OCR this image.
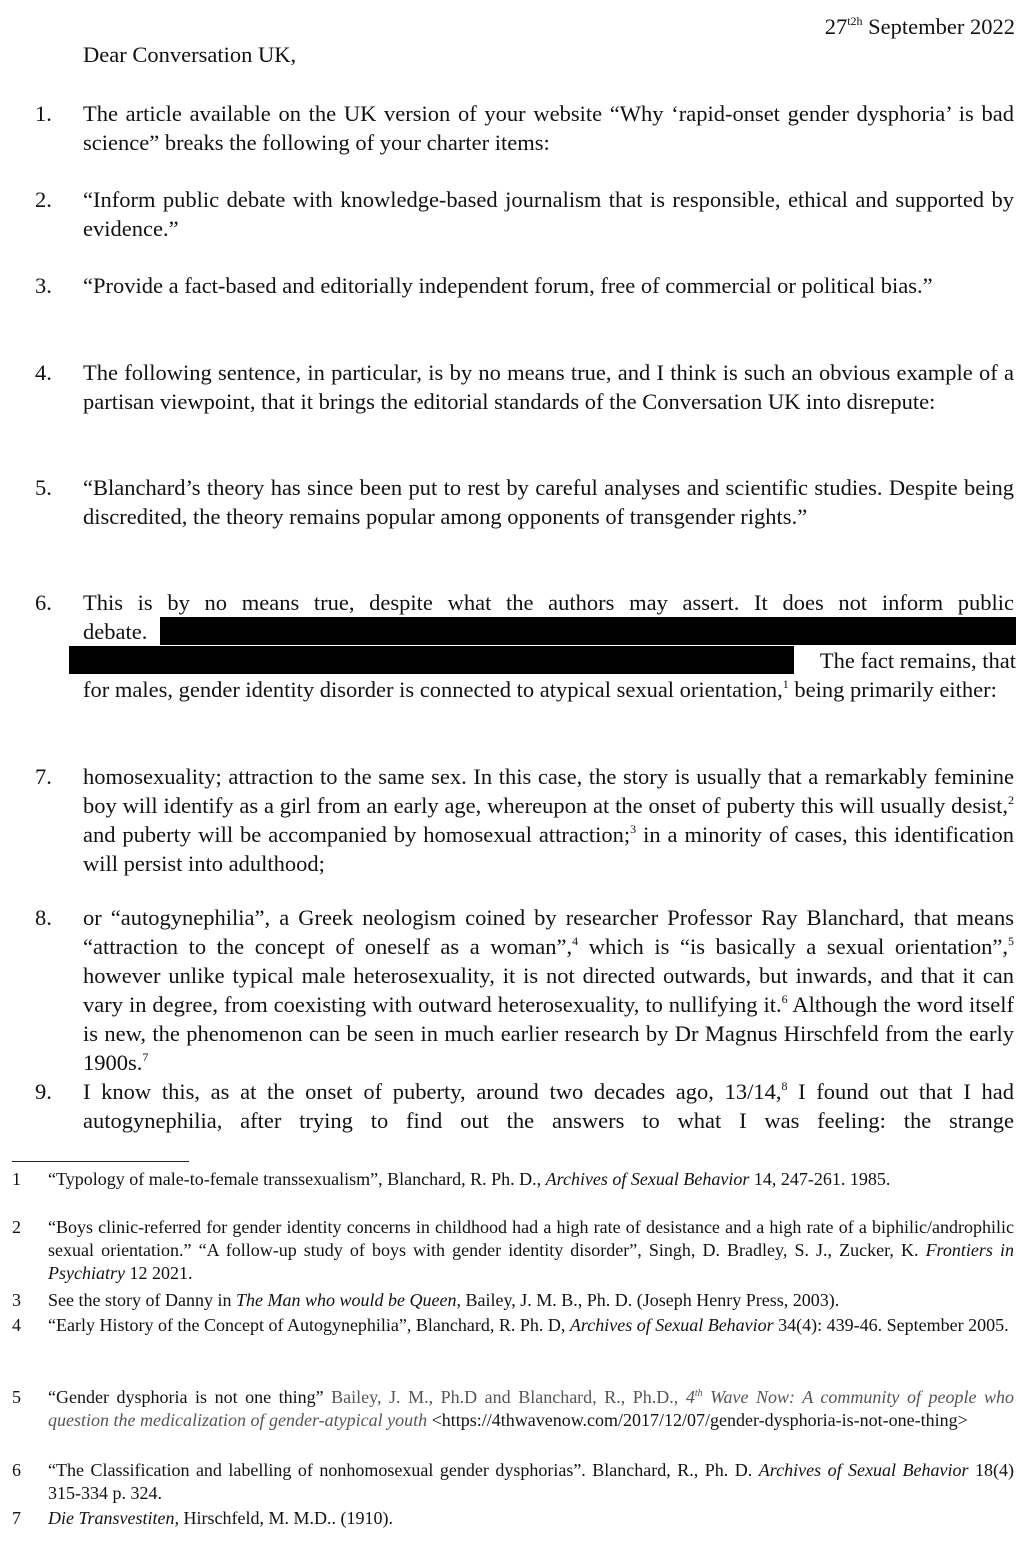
$27^{t2h}$ September 2022
Dear Conversation UK,
1.	The article available on the UK version of your website “Why ‘rapid-onset gender dysphoria’ is bad science” breaks the following of your charter items:
2.	“Inform public debate with knowledge-based journalism that is responsible, ethical and supported by evidence.”
3.	“Provide a fact-based and editorially independent forum, free of commercial or political bias.”
4.	The following sentence, in particular, is by no means true, and I think is such an obvious example of a partisan viewpoint, that it brings the editorial standards of the Conversation UK into disrepute:
5.	“Blanchard’s theory has since been put to rest by careful analyses and scientific studies. Despite being discredited, the theory remains popular among opponents of transgender rights.”
6.	This is by no means true, despite what the authors may assert. It does not inform public
debate.
The fact remains, that
for males, gender identity disorder is connected to atypical sexual orientation,$^1$ being primarily either:
7.	homosexuality; attraction to the same sex. In this case, the story is usually that a remarkably feminine boy will identify as a girl from an early age, whereupon at the onset of puberty this will usually desist,$^2$ and puberty will be accompanied by homosexual attraction;$^3$ in a minority of cases, this identification will persist into adulthood;
8.	or “autogynephilia”, a Greek neologism coined by researcher Professor Ray Blanchard, that means “attraction to the concept of oneself as a woman”,$^4$ which is “is basically a sexual orientation”,$^5$ however unlike typical male heterosexuality, it is not directed outwards, but inwards, and that it can vary in degree, from coexisting with outward heterosexuality, to nullifying it.$^6$ Although the word itself is new, the phenomenon can be seen in much earlier research by Dr Magnus Hirschfeld from the early 1900s.$^7$
9.	I know this, as at the onset of puberty, around two decades ago, 13/14,$^8$ I found out that I had autogynephilia, after trying to find out the answers to what I was feeling: the strange
1 “Typology of male-to-female transsexualism”, Blanchard, R. Ph. D., Archives of Sexual Behavior 14, 247-261. 1985.
2 “Boys clinic-referred for gender identity concerns in childhood had a high rate of desistance and a high rate of a biphilic/androphilic sexual orientation.” “A follow-up study of boys with gender identity disorder”, Singh, D. Bradley, S. J., Zucker, K. Frontiers in Psychiatry 12 2021.
3 See the story of Danny in The Man who would be Queen, Bailey, J. M. B., Ph. D. (Joseph Henry Press, 2003).
4 “Early History of the Concept of Autogynephilia”, Blanchard, R. Ph. D, Archives of Sexual Behavior 34(4): 439-46. September 2005.
5 “Gender dysphoria is not one thing” Bailey, J. M., Ph.D and Blanchard, R., Ph.D., 4th Wave Now: A community of people who question the medicalization of gender-atypical youth <https://4thwavenow.com/2017/12/07/gender-dysphoria-is-not-one-thing>
6 “The Classification and labelling of nonhomosexual gender dysphorias”. Blanchard, R., Ph. D. Archives of Sexual Behavior 18(4) 315-334 p. 324.
7 Die Transvestiten, Hirschfeld, M. M.D.. (1910).
